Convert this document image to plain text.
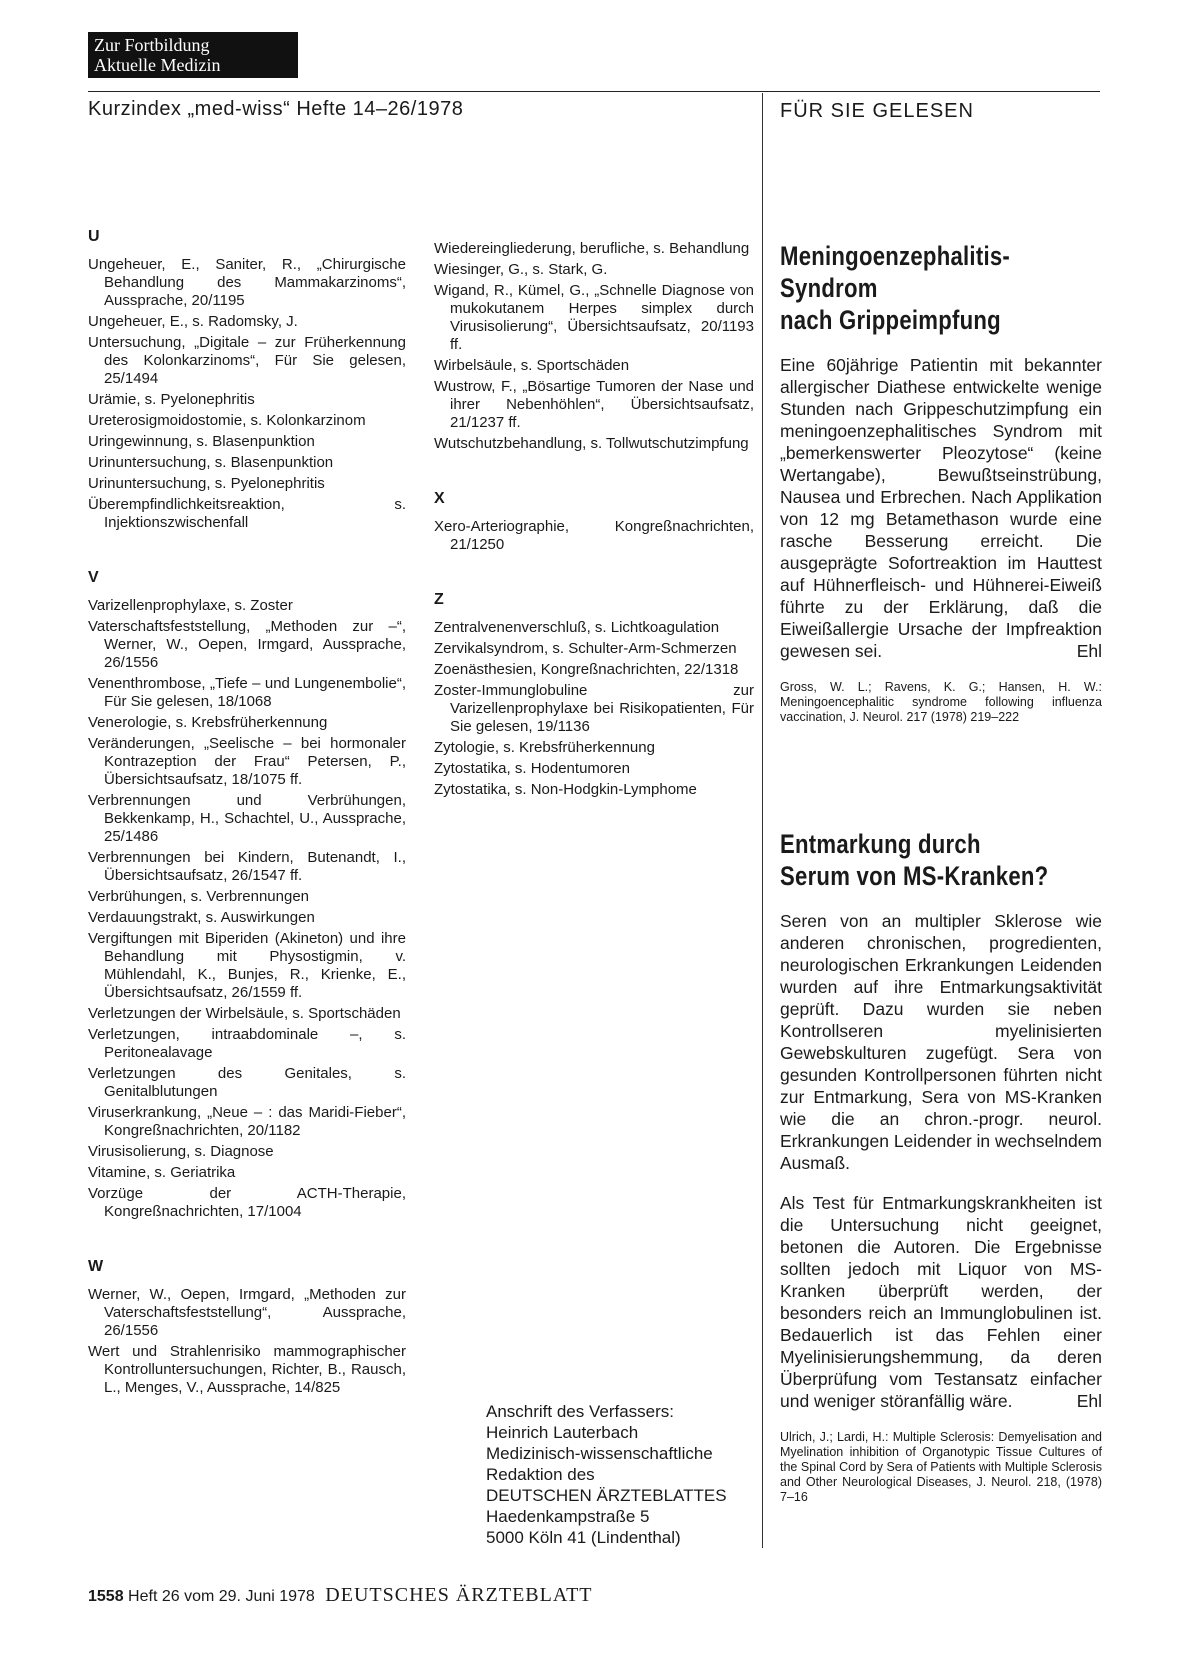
Zur Fortbildung
Aktuelle Medizin
Kurzindex „med-wiss“ Hefte 14–26/1978	FÜR SIE GELESEN
U
Ungeheuer, E., Saniter, R., „Chirurgische Behandlung des Mammakarzinoms“, Aussprache, 20/1195
Ungeheuer, E., s. Radomsky, J.
Untersuchung, „Digitale – zur Früherkennung des Kolonkarzinoms“, Für Sie gelesen, 25/1494
Urämie, s. Pyelonephritis
Ureterosigmoidostomie, s. Kolonkarzinom
Uringewinnung, s. Blasenpunktion
Urinuntersuchung, s. Blasenpunktion
Urinuntersuchung, s. Pyelonephritis
Überempfindlichkeitsreaktion, s. Injektionszwischenfall
V
Varizellenprophylaxe, s. Zoster
Vaterschaftsfeststellung, „Methoden zur –“, Werner, W., Oepen, Irmgard, Aussprache, 26/1556
Venenthrombose, „Tiefe – und Lungenembolie“, Für Sie gelesen, 18/1068
Venerologie, s. Krebsfrüherkennung
Veränderungen, „Seelische – bei hormonaler Kontrazeption der Frau“ Petersen, P., Übersichtsaufsatz, 18/1075 ff.
Verbrennungen und Verbrühungen, Bekkenkamp, H., Schachtel, U., Aussprache, 25/1486
Verbrennungen bei Kindern, Butenandt, I., Übersichtsaufsatz, 26/1547 ff.
Verbrühungen, s. Verbrennungen
Verdauungstrakt, s. Auswirkungen
Vergiftungen mit Biperiden (Akineton) und ihre Behandlung mit Physostigmin, v. Mühlendahl, K., Bunjes, R., Krienke, E., Übersichtsaufsatz, 26/1559 ff.
Verletzungen der Wirbelsäule, s. Sportschäden
Verletzungen, intraabdominale –, s. Peritonealavage
Verletzungen des Genitales, s. Genitalblutungen
Viruserkrankung, „Neue – : das Maridi-Fieber“, Kongreßnachrichten, 20/1182
Virusisolierung, s. Diagnose
Vitamine, s. Geriatrika
Vorzüge der ACTH-Therapie, Kongreßnachrichten, 17/1004
W
Werner, W., Oepen, Irmgard, „Methoden zur Vaterschaftsfeststellung“, Aussprache, 26/1556
Wert und Strahlenrisiko mammographischer Kontrolluntersuchungen, Richter, B., Rausch, L., Menges, V., Aussprache, 14/825
Wiedereingliederung, berufliche, s. Behandlung
Wiesinger, G., s. Stark, G.
Wigand, R., Kümel, G., „Schnelle Diagnose von mukokutanem Herpes simplex durch Virusisolierung“, Übersichtsaufsatz, 20/1193 ff.
Wirbelsäule, s. Sportschäden
Wustrow, F., „Bösartige Tumoren der Nase und ihrer Nebenhöhlen“, Übersichtsaufsatz, 21/1237 ff.
Wutschutzbehandlung, s. Tollwutschutzimpfung
X
Xero-Arteriographie, Kongreßnachrichten, 21/1250
Z
Zentralvenenverschluß, s. Lichtkoagulation
Zervikalsyndrom, s. Schulter-Arm-Schmerzen
Zoenästhesien, Kongreßnachrichten, 22/1318
Zoster-Immunglobuline zur Varizellenprophylaxe bei Risikopatienten, Für Sie gelesen, 19/1136
Zytologie, s. Krebsfrüherkennung
Zytostatika, s. Hodentumoren
Zytostatika, s. Non-Hodgkin-Lymphome
Anschrift des Verfassers:
Heinrich Lauterbach
Medizinisch-wissenschaftliche
Redaktion des
DEUTSCHEN ÄRZTEBLATTES
Haedenkampstraße 5
5000 Köln 41 (Lindenthal)
Meningoenzephalitis-
Syndrom
nach Grippeimpfung

Eine 60jährige Patientin mit bekannter allergischer Diathese entwickelte wenige Stunden nach Grippeschutzimpfung ein meningoenzephalitisches Syndrom mit „bemerkenswerter Pleozytose“ (keine Wertangabe), Bewußtseinstrübung, Nausea und Erbrechen. Nach Applikation von 12 mg Betamethason wurde eine rasche Besserung erreicht. Die ausgeprägte Sofortreaktion im Hauttest auf Hühnerfleisch- und Hühnerei-Eiweiß führte zu der Erklärung, daß die Eiweißallergie Ursache der Impfreaktion gewesen sei.	Ehl

Gross, W. L.; Ravens, K. G.; Hansen, H. W.: Meningoencephalitic syndrome following influenza vaccination, J. Neurol. 217 (1978) 219–222
Entmarkung durch
Serum von MS-Kranken?

Seren von an multipler Sklerose wie anderen chronischen, progredienten, neurologischen Erkrankungen Leidenden wurden auf ihre Entmarkungsaktivität geprüft. Dazu wurden sie neben Kontrollseren myelinisierten Gewebskulturen zugefügt. Sera von gesunden Kontrollpersonen führten nicht zur Entmarkung, Sera von MS-Kranken wie die an chron.-progr. neurol. Erkrankungen Leidender in wechselndem Ausmaß.

Als Test für Entmarkungskrankheiten ist die Untersuchung nicht geeignet, betonen die Autoren. Die Ergebnisse sollten jedoch mit Liquor von MS-Kranken überprüft werden, der besonders reich an Immunglobulinen ist. Bedauerlich ist das Fehlen einer Myelinisierungshemmung, da deren Überprüfung vom Testansatz einfacher und weniger störanfällig wäre.	Ehl

Ulrich, J.; Lardi, H.: Multiple Sclerosis: Demyelisation and Myelination inhibition of Organotypic Tissue Cultures of the Spinal Cord by Sera of Patients with Multiple Sclerosis and Other Neurological Diseases, J. Neurol. 218, (1978) 7–16
1558 Heft 26 vom 29. Juni 1978 DEUTSCHES ÄRZTEBLATT
